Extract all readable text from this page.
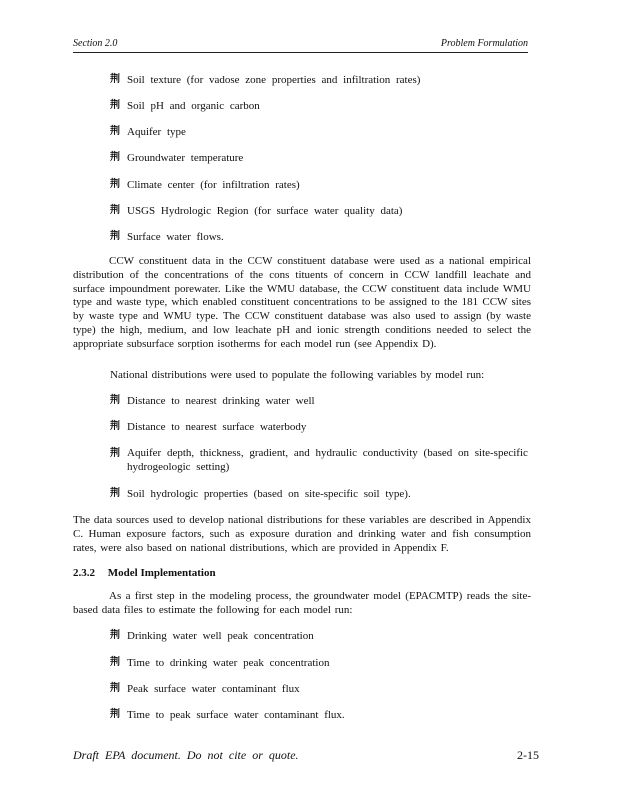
Section 2.0	Problem Formulation
荆 Soil texture (for vadose zone properties and infiltration rates)
荆 Soil pH and organic carbon
荆 Aquifer type
荆 Groundwater temperature
荆 Climate center (for infiltration rates)
荆 USGS Hydrologic Region (for surface water quality data)
荆 Surface water flows.

CCW constituent data in the CCW constituent database were used as a national empirical distribution of the concentrations of the cons tituents of concern in CCW landfill leachate and surface impoundment porewater. Like the WMU database, the CCW constituent data include WMU type and waste type, which enabled constituent concentrations to be assigned to the 181 CCW sites by waste type and WMU type. The CCW constituent database was also used to assign (by waste type) the high, medium, and low leachate pH and ionic strength conditions needed to select the appropriate subsurface sorption isotherms for each model run (see Appendix D).

National distributions were used to populate the following variables by model run:

荆 Distance to nearest drinking water well
荆 Distance to nearest surface waterbody
荆 Aquifer depth, thickness, gradient, and hydraulic conductivity (based on site-specific hydrogeologic setting)
荆 Soil hydrologic properties (based on site-specific soil type).

The data sources used to develop national distributions for these variables are described in Appendix C. Human exposure factors, such as exposure duration and drinking water and fish consumption rates, were also based on national distributions, which are provided in Appendix F.

2.3.2 Model Implementation

As a first step in the modeling process, the groundwater model (EPACMTP) reads the site-based data files to estimate the following for each model run:

荆 Drinking water well peak concentration
荆 Time to drinking water peak concentration
荆 Peak surface water contaminant flux
荆 Time to peak surface water contaminant flux.
Draft EPA document. Do not cite or quote.	2-15
